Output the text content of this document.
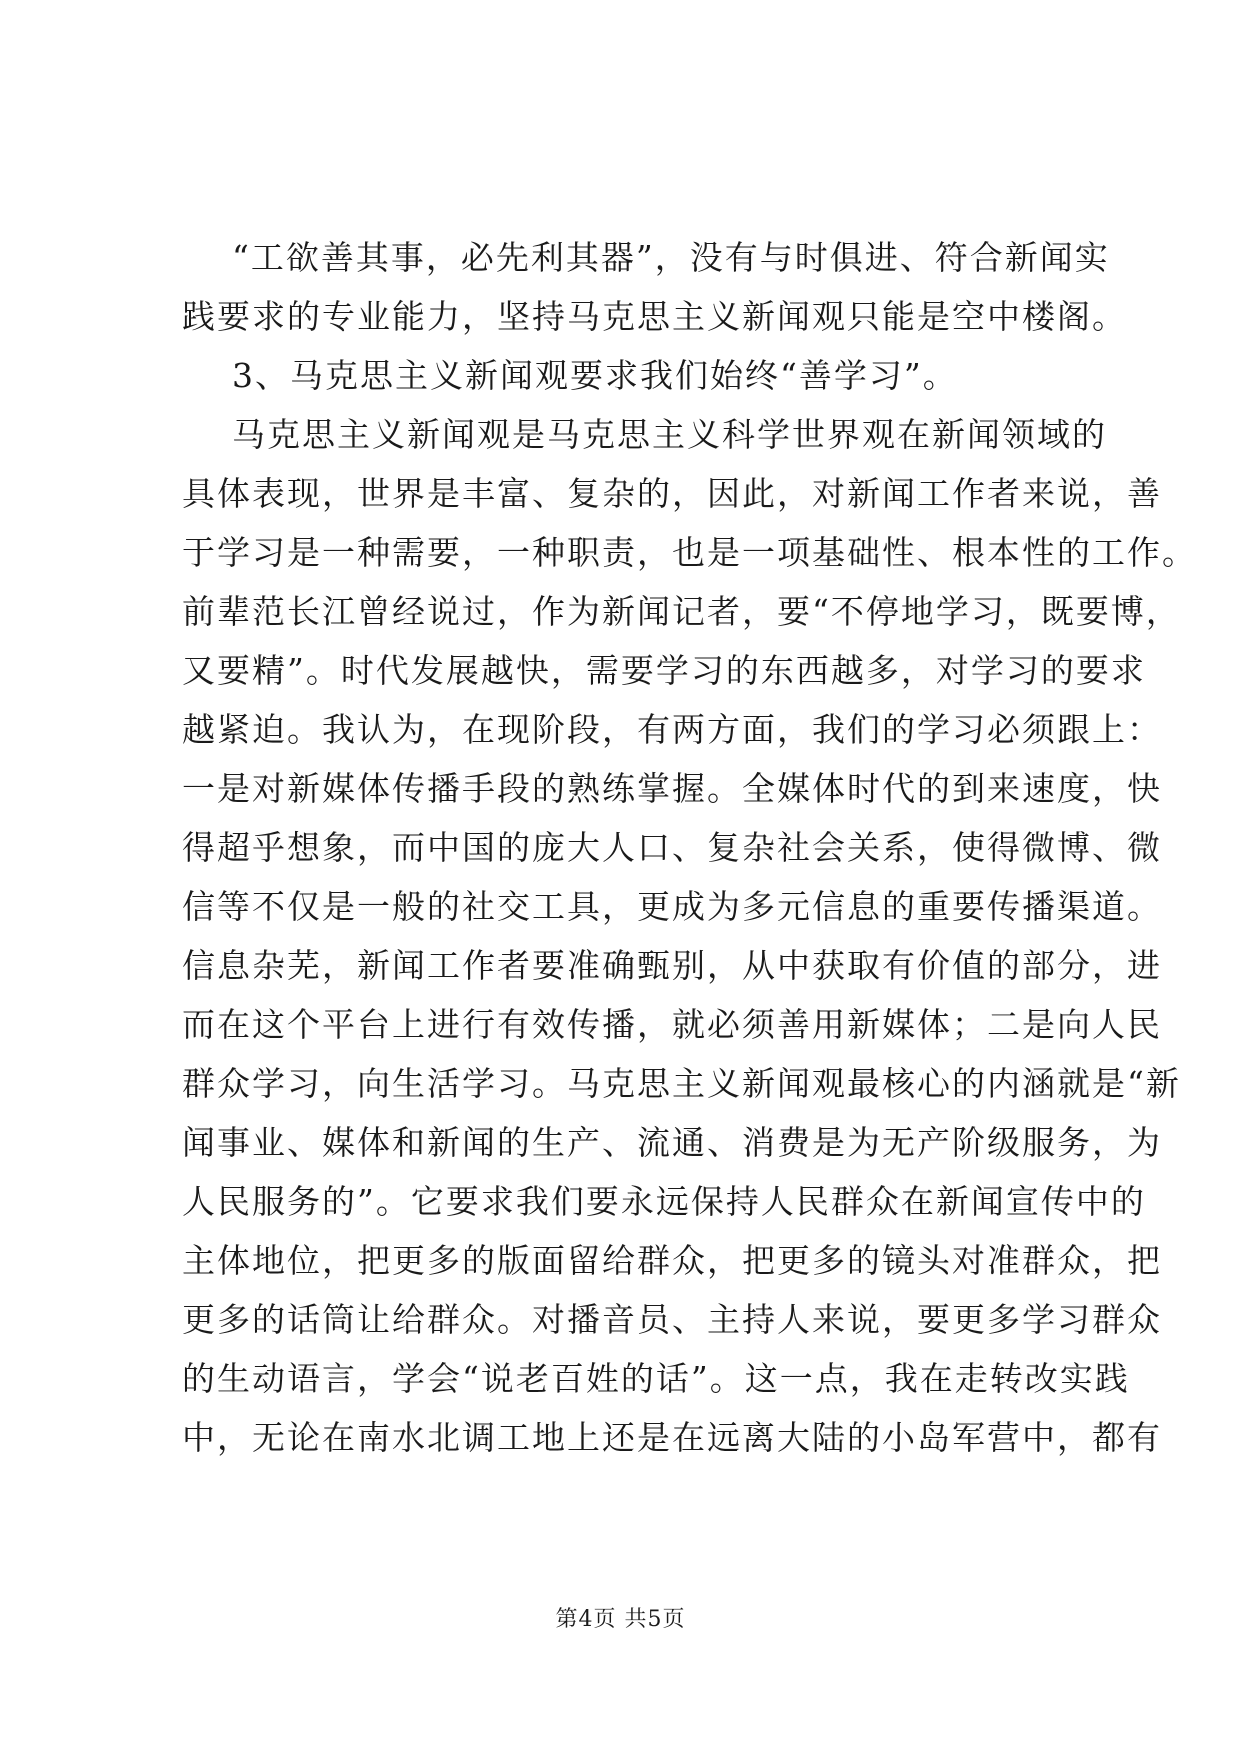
“工欲善其事，必先利其器”，没有与时俱进、符合新闻实
践要求的专业能力，坚持马克思主义新闻观只能是空中楼阁。

3、马克思主义新闻观要求我们始终“善学习”。

马克思主义新闻观是马克思主义科学世界观在新闻领域的
具体表现，世界是丰富、复杂的，因此，对新闻工作者来说，善
于学习是一种需要，一种职责，也是一项基础性、根本性的工作。
前辈范长江曾经说过，作为新闻记者，要“不停地学习，既要博，
又要精”。时代发展越快，需要学习的东西越多，对学习的要求
越紧迫。我认为，在现阶段，有两方面，我们的学习必须跟上：
一是对新媒体传播手段的熟练掌握。全媒体时代的到来速度，快
得超乎想象，而中国的庞大人口、复杂社会关系，使得微博、微
信等不仅是一般的社交工具，更成为多元信息的重要传播渠道。
信息杂芜，新闻工作者要准确甄别，从中获取有价值的部分，进
而在这个平台上进行有效传播，就必须善用新媒体；二是向人民
群众学习，向生活学习。马克思主义新闻观最核心的内涵就是“新
闻事业、媒体和新闻的生产、流通、消费是为无产阶级服务，为
人民服务的”。它要求我们要永远保持人民群众在新闻宣传中的
主体地位，把更多的版面留给群众，把更多的镜头对准群众，把
更多的话筒让给群众。对播音员、主持人来说，要更多学习群众
的生动语言，学会“说老百姓的话”。这一点，我在走转改实践
中，无论在南水北调工地上还是在远离大陆的小岛军营中，都有

第4页 共5页
